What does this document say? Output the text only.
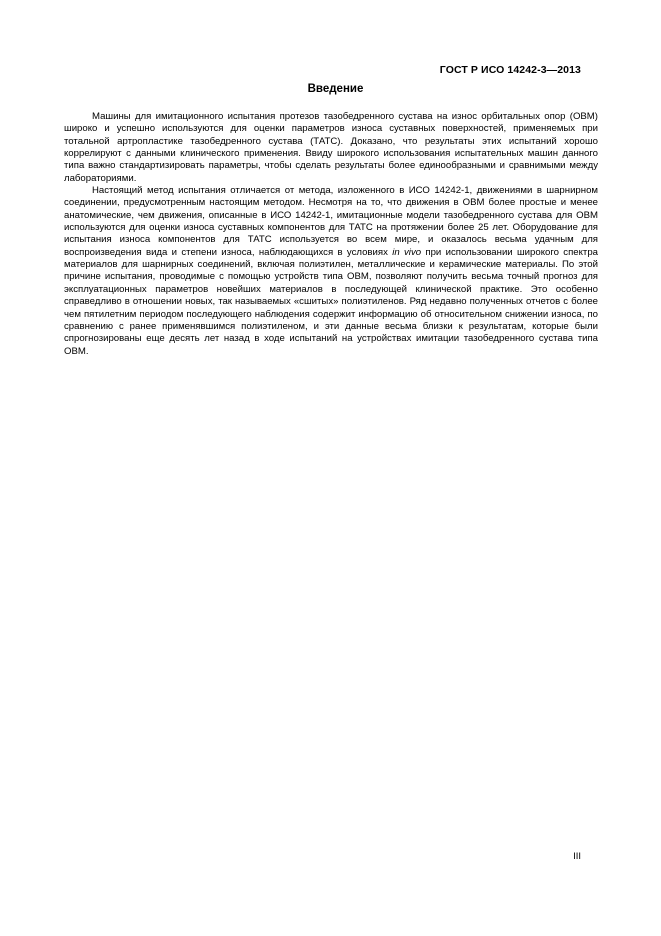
ГОСТ Р ИСО 14242-3—2013
Введение

Машины для имитационного испытания протезов тазобедренного сустава на износ орбитальных опор (ОВМ) широко и успешно используются для оценки параметров износа суставных поверхностей, применяемых при тотальной артропластике тазобедренного сустава (ТАТС). Доказано, что результаты этих испытаний хорошо коррелируют с данными клинического применения. Ввиду широкого использования испытательных машин данного типа важно стандартизировать параметры, чтобы сделать результаты более единообразными и сравнимыми между лабораториями.

Настоящий метод испытания отличается от метода, изложенного в ИСО 14242-1, движениями в шарнирном соединении, предусмотренным настоящим методом. Несмотря на то, что движения в ОВМ более простые и менее анатомические, чем движения, описанные в ИСО 14242-1, имитационные модели тазобедренного сустава для ОВМ используются для оценки износа суставных компонентов для ТАТС на протяжении более 25 лет. Оборудование для испытания износа компонентов для ТАТС используется во всем мире, и оказалось весьма удачным для воспроизведения вида и степени износа, наблюдающихся в условиях in vivo при использовании широкого спектра материалов для шарнирных соединений, включая полиэтилен, металлические и керамические материалы. По этой причине испытания, проводимые с помощью устройств типа ОВМ, позволяют получить весьма точный прогноз для эксплуатационных параметров новейших материалов в последующей клинической практике. Это особенно справедливо в отношении новых, так называемых «сшитых» полиэтиленов. Ряд недавно полученных отчетов с более чем пятилетним периодом последующего наблюдения содержит информацию об относительном снижении износа, по сравнению с ранее применявшимся полиэтиленом, и эти данные весьма близки к результатам, которые были спрогнозированы еще десять лет назад в ходе испытаний на устройствах имитации тазобедренного сустава типа ОВМ.

III
